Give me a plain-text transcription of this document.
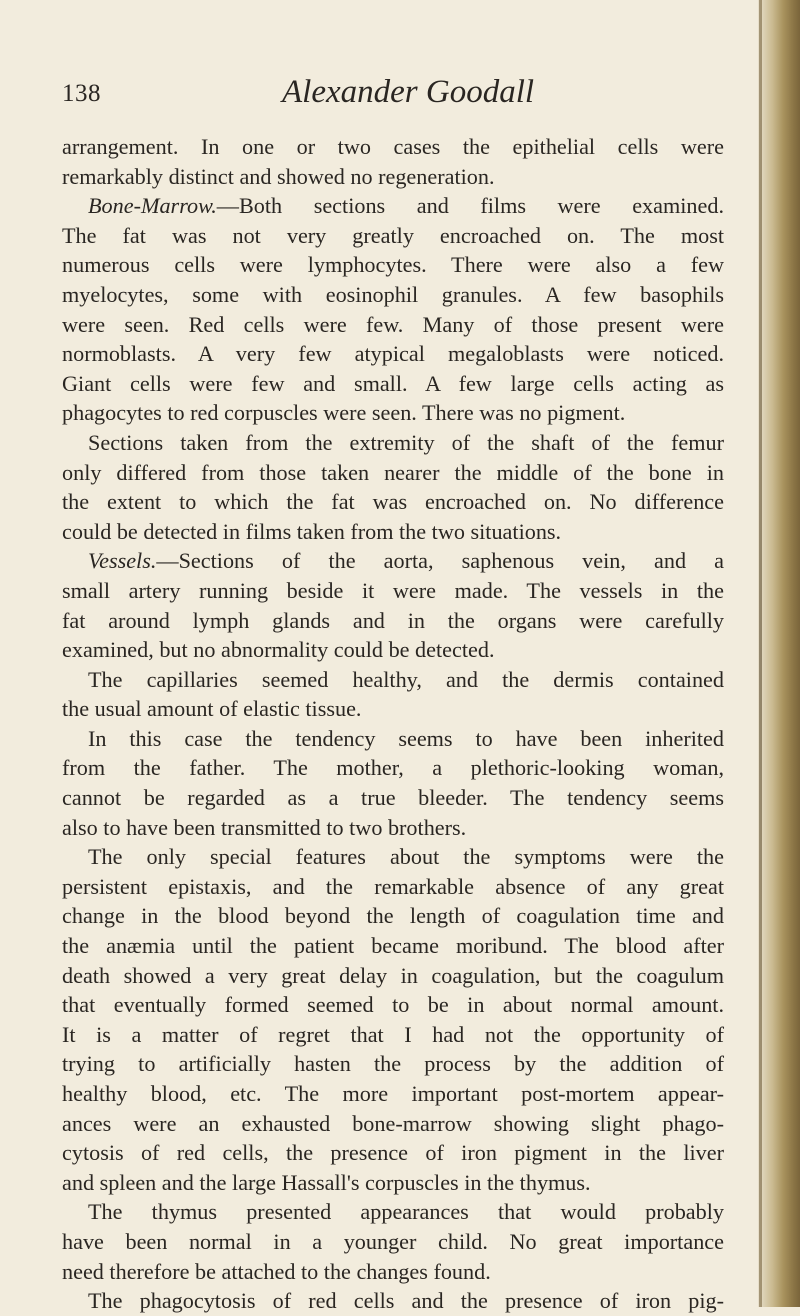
138	Alexander Goodall
arrangement. In one or two cases the epithelial cells were
remarkably distinct and showed no regeneration.
Bone-Marrow.—Both sections and films were examined.
The fat was not very greatly encroached on. The most
numerous cells were lymphocytes. There were also a few
myelocytes, some with eosinophil granules. A few basophils
were seen. Red cells were few. Many of those present were
normoblasts. A very few atypical megaloblasts were noticed.
Giant cells were few and small. A few large cells acting as
phagocytes to red corpuscles were seen. There was no pigment.
Sections taken from the extremity of the shaft of the femur
only differed from those taken nearer the middle of the bone in
the extent to which the fat was encroached on. No difference
could be detected in films taken from the two situations.
Vessels.—Sections of the aorta, saphenous vein, and a
small artery running beside it were made. The vessels in the
fat around lymph glands and in the organs were carefully
examined, but no abnormality could be detected.
The capillaries seemed healthy, and the dermis contained
the usual amount of elastic tissue.
In this case the tendency seems to have been inherited
from the father. The mother, a plethoric-looking woman,
cannot be regarded as a true bleeder. The tendency seems
also to have been transmitted to two brothers.
The only special features about the symptoms were the
persistent epistaxis, and the remarkable absence of any great
change in the blood beyond the length of coagulation time and
the anæmia until the patient became moribund. The blood after
death showed a very great delay in coagulation, but the coagulum
that eventually formed seemed to be in about normal amount.
It is a matter of regret that I had not the opportunity of
trying to artificially hasten the process by the addition of
healthy blood, etc. The more important post-mortem appear-
ances were an exhausted bone-marrow showing slight phago-
cytosis of red cells, the presence of iron pigment in the liver
and spleen and the large Hassall's corpuscles in the thymus.
The thymus presented appearances that would probably
have been normal in a younger child. No great importance
need therefore be attached to the changes found.
The phagocytosis of red cells and the presence of iron pig-
